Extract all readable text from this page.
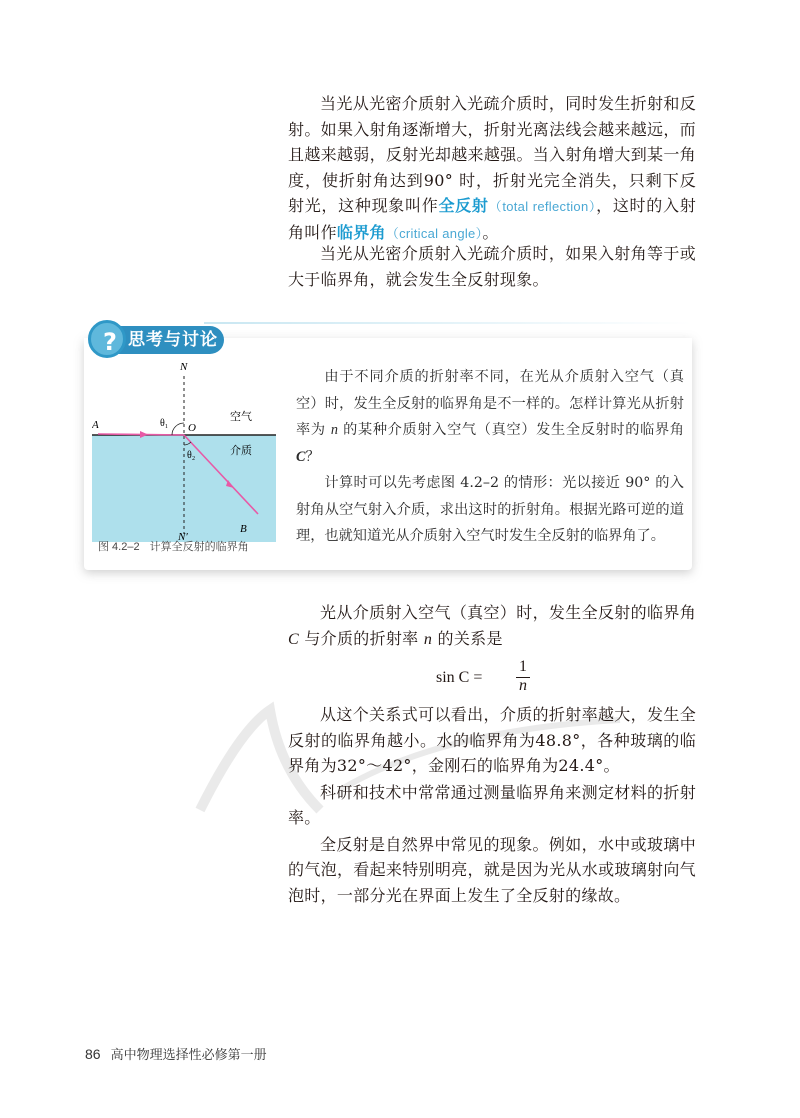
当光从光密介质射入光疏介质时，同时发生折射和反射。如果入射角逐渐增大，折射光离法线会越来越远，而且越来越弱，反射光却越来越强。当入射角增大到某一角度，使折射角达到90° 时，折射光完全消失，只剩下反射光，这种现象叫作全反射（total reflection），这时的入射角叫作临界角（critical angle）。
当光从光密介质射入光疏介质时，如果入射角等于或大于临界角，就会发生全反射现象。
? 思考与讨论
N
N′
A	O
B
θ₁
θ₂
空气
介质
图 4.2–2 计算全反射的临界角

由于不同介质的折射率不同，在光从介质射入空气（真空）时，发生全反射的临界角是不一样的。怎样计算光从折射率为 n 的某种介质射入空气（真空）发生全反射时的临界角 C？

计算时可以先考虑图 4.2–2 的情形：光以接近 90° 的入射角从空气射入介质，求出这时的折射角。根据光路可逆的道理，也就知道光从介质射入空气时发生全反射的临界角了。

光从介质射入空气（真空）时，发生全反射的临界角C 与介质的折射率 n 的关系是
sin C =
1
n

从这个关系式可以看出，介质的折射率越大，发生全反射的临界角越小。水的临界角为48.8°，各种玻璃的临界角为32°～42°，金刚石的临界角为24.4°。

科研和技术中常常通过测量临界角来测定材料的折射率。

全反射是自然界中常见的现象。例如，水中或玻璃中的气泡，看起来特别明亮，就是因为光从水或玻璃射向气泡时，一部分光在界面上发生了全反射的缘故。

86 高中物理选择性必修第一册
